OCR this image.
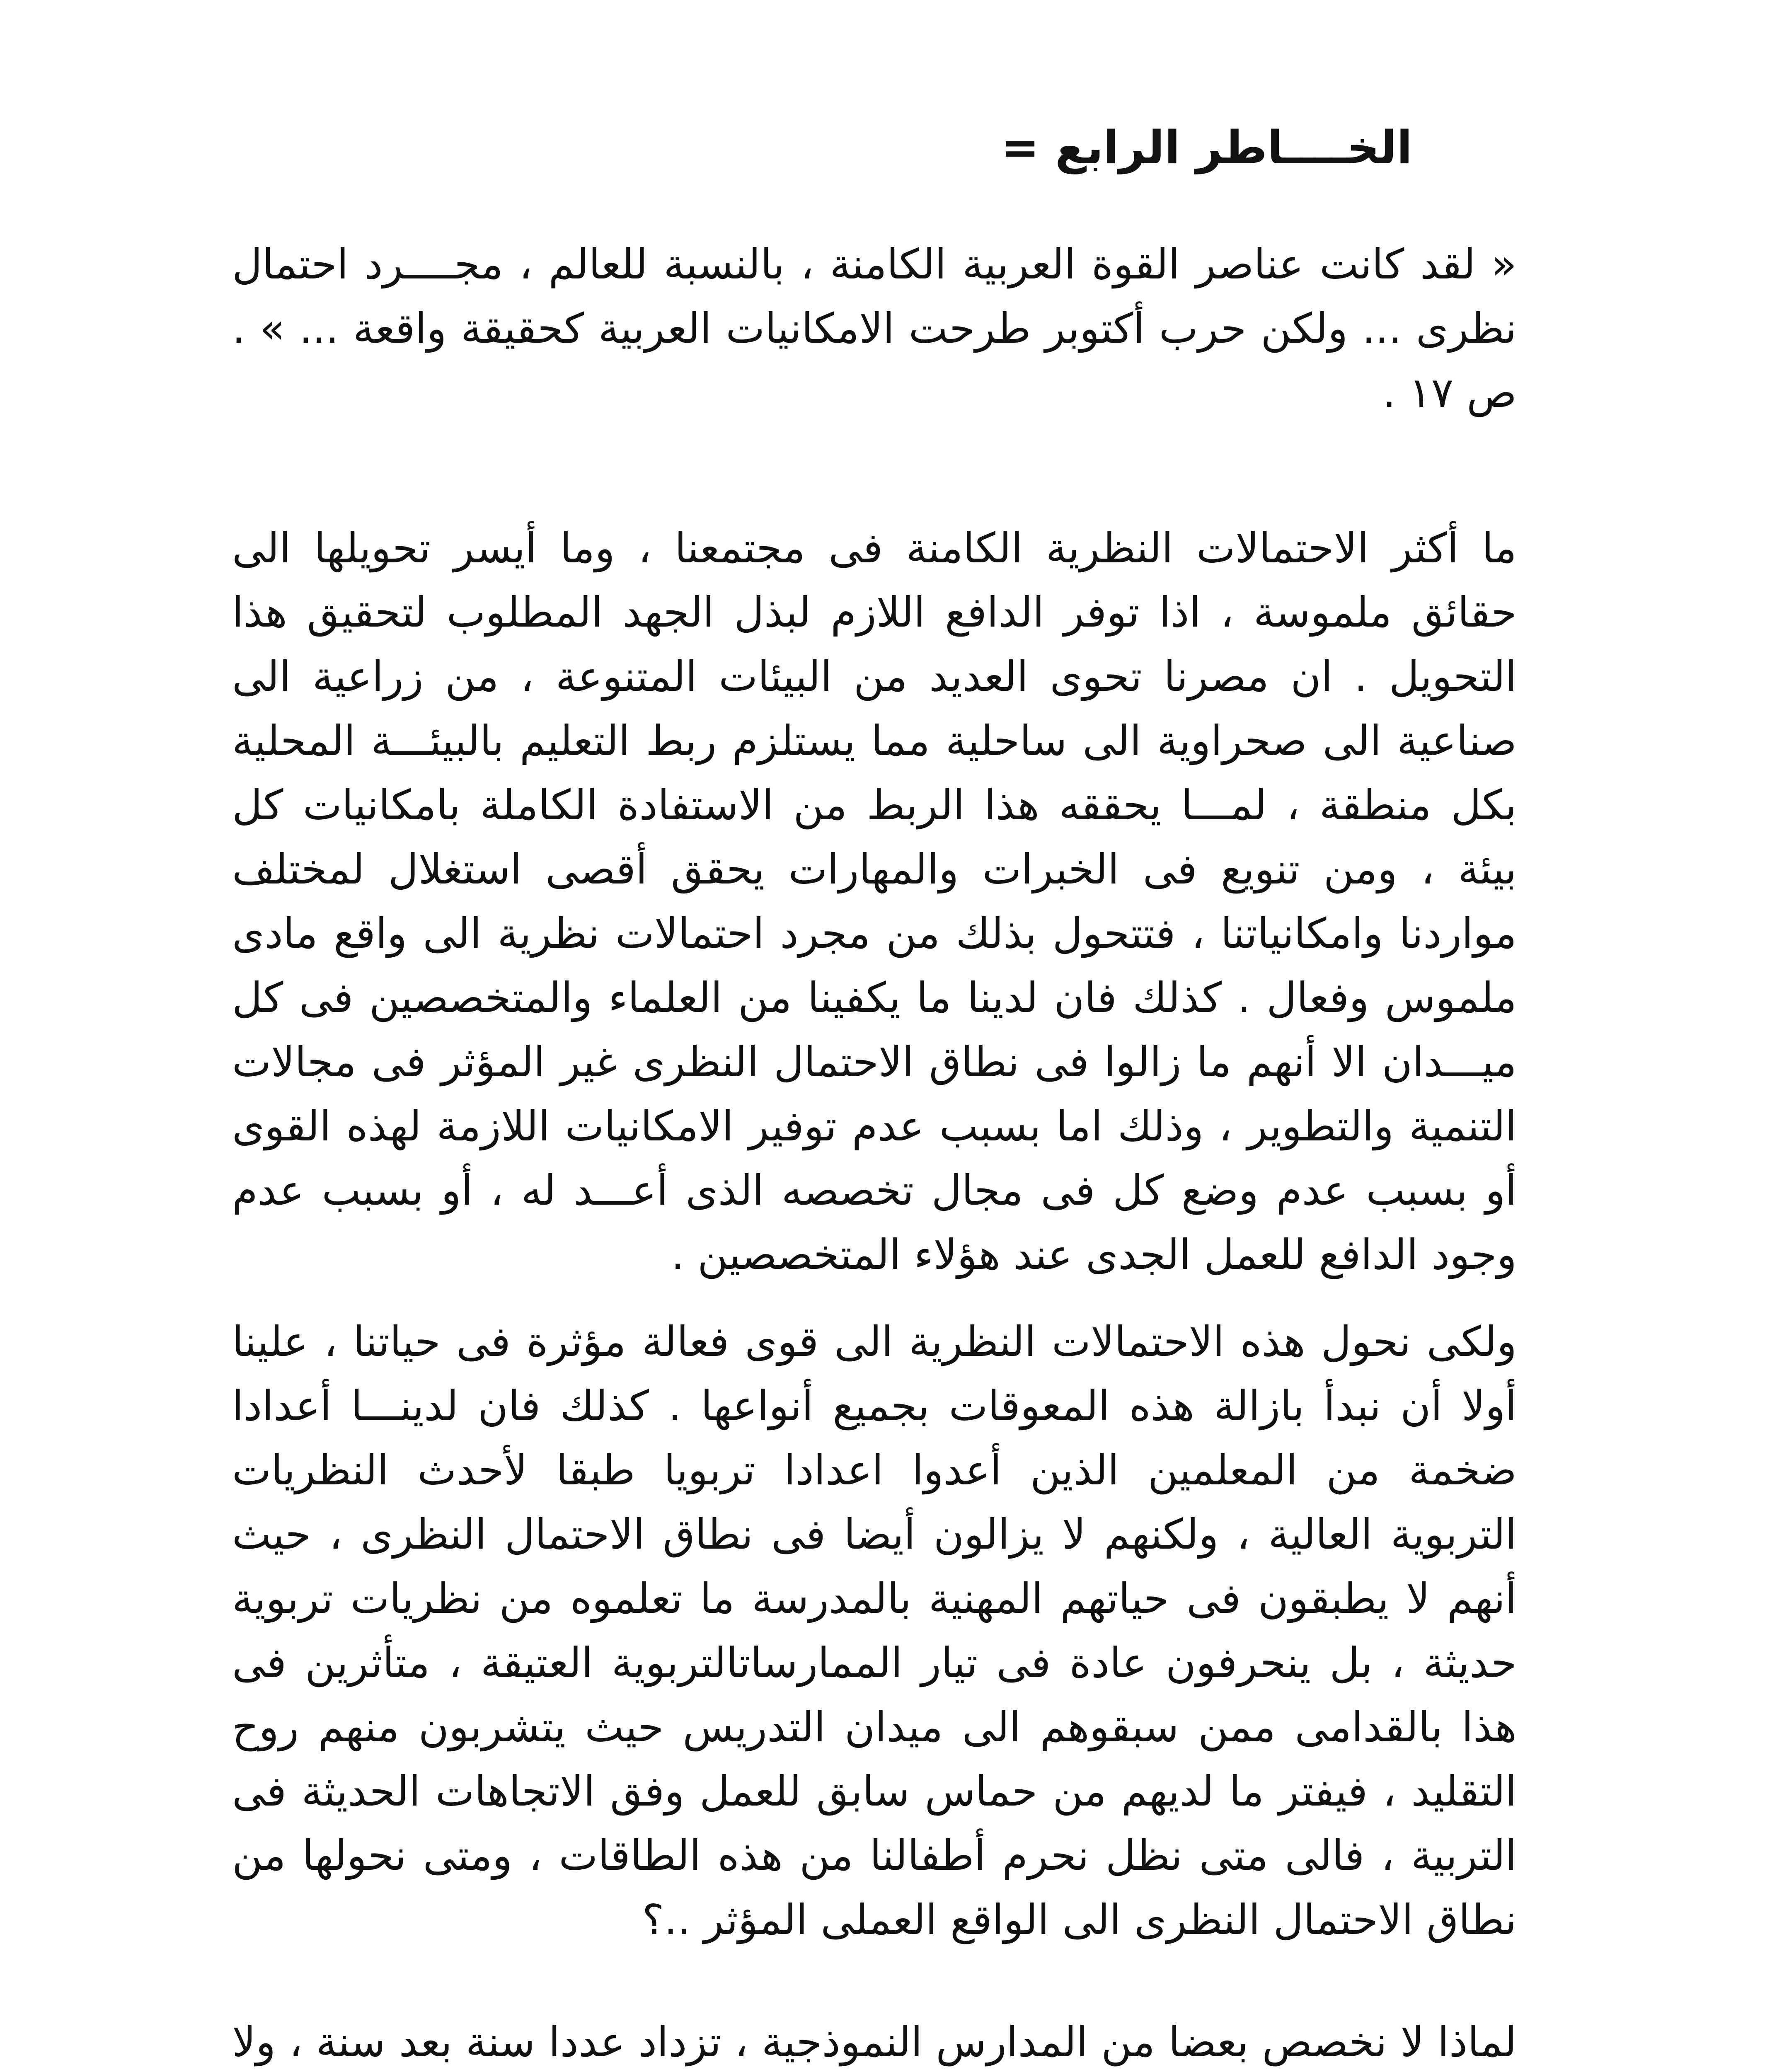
الخــــاطر الرابع =

« لقد كانت عناصر القوة العربية الكامنة ، بالنسبة للعالم ، مجــــرد احتمال نظرى ... ولكن حرب أكتوبر طرحت الامكانيات العربية كحقيقة واقعة ... » . ص ١٧ .

ما أكثر الاحتمالات النظرية الكامنة فى مجتمعنا ، وما أيسر تحويلها الى حقائق ملموسة ، اذا توفر الدافع اللازم لبذل الجهد المطلوب لتحقيق هذا التحويل . ان مصرنا تحوى العديد من البيئات المتنوعة ، من زراعية الى صناعية الى صحراوية الى ساحلية مما يستلزم ربط التعليم بالبيئـــة المحلية بكل منطقة ، لمـــا يحققه هذا الربط من الاستفادة الكاملة بامكانيات كل بيئة ، ومن تنويع فى الخبرات والمهارات يحقق أقصى استغلال لمختلف مواردنا وامكانياتنا ، فتتحول بذلك من مجرد احتمالات نظرية الى واقع مادى ملموس وفعال . كذلك فان لدينا ما يكفينا من العلماء والمتخصصين فى كل ميـــدان الا أنهم ما زالوا فى نطاق الاحتمال النظرى غير المؤثر فى مجالات التنمية والتطوير ، وذلك اما بسبب عدم توفير الامكانيات اللازمة لهذه القوى أو بسبب عدم وضع كل فى مجال تخصصه الذى أعـــد له ، أو بسبب عدم وجود الدافع للعمل الجدى عند هؤلاء المتخصصين .

ولكى نحول هذه الاحتمالات النظرية الى قوى فعالة مؤثرة فى حياتنا ، علينا أولا أن نبدأ بازالة هذه المعوقات بجميع أنواعها . كذلك فان لدينـــا أعدادا ضخمة من المعلمين الذين أعدوا اعدادا تربويا طبقا لأحدث النظريات التربوية العالية ، ولكنهم لا يزالون أيضا فى نطاق الاحتمال النظرى ، حيث أنهم لا يطبقون فى حياتهم المهنية بالمدرسة ما تعلموه من نظريات تربوية حديثة ، بل ينحرفون عادة فى تيار الممارساتالتربوية العتيقة ، متأثرين فى هذا بالقدامى ممن سبقوهم الى ميدان التدريس حيث يتشربون منهم روح التقليد ، فيفتر ما لديهم من حماس سابق للعمل وفق الاتجاهات الحديثة فى التربية ، فالى متى نظل نحرم أطفالنا من هذه الطاقات ، ومتى نحولها من نطاق الاحتمال النظرى الى الواقع العملى المؤثر ..؟

لماذا لا نخصص بعضا من المدارس النموذجية ، تزداد عددا سنة بعد سنة ، ولا
